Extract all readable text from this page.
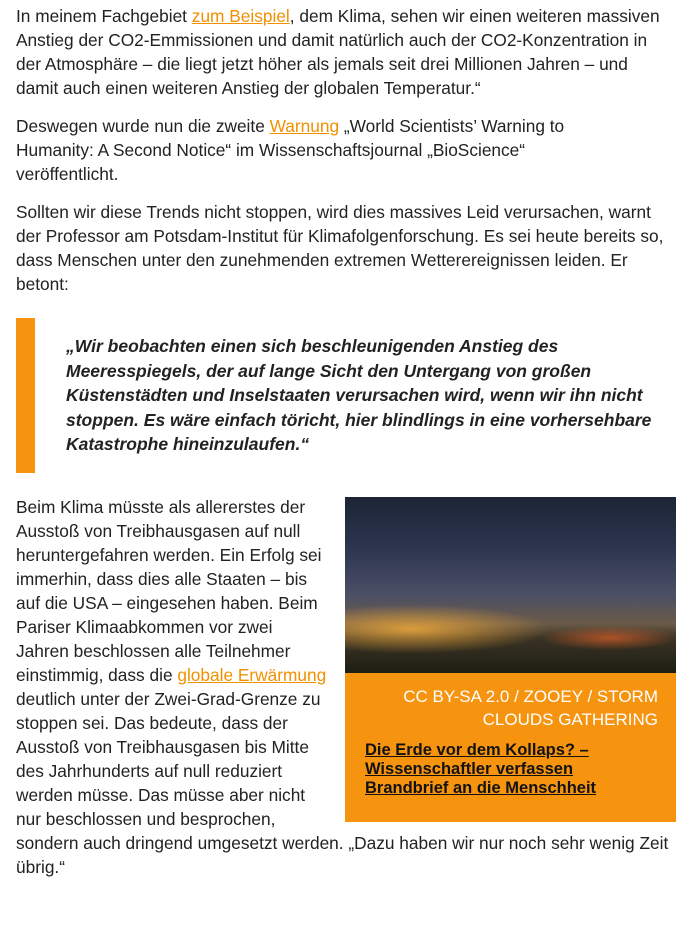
In meinem Fachgebiet zum Beispiel, dem Klima, sehen wir einen weiteren massiven Anstieg der CO2-Emmissionen und damit natürlich auch der CO2-Konzentration in der Atmosphäre – die liegt jetzt höher als jemals seit drei Millionen Jahren – und damit auch einen weiteren Anstieg der globalen Temperatur.“

Deswegen wurde nun die zweite Warnung „World Scientists’ Warning to Humanity: A Second Notice“ im Wissenschaftsjournal „BioScience“ veröffentlicht.

Sollten wir diese Trends nicht stoppen, wird dies massives Leid verursachen, warnt der Professor am Potsdam-Institut für Klimafolgenforschung. Es sei heute bereits so, dass Menschen unter den zunehmenden extremen Wetterereignissen leiden. Er betont:

„Wir beobachten einen sich beschleunigenden Anstieg des Meeresspiegels, der auf lange Sicht den Untergang von großen Küstenstädten und Inselstaaten verursachen wird, wenn wir ihn nicht stoppen. Es wäre einfach töricht, hier blindlings in eine vorhersehbare Katastrophe hineinzulaufen.“

CC BY-SA 2.0 / ZOOEY / STORM CLOUDS GATHERING
Die Erde vor dem Kollaps? – Wissenschaftler verfassen Brandbrief an die Menschheit

Beim Klima müsste als allererstes der Ausstoß von Treibhausgasen auf null heruntergefahren werden. Ein Erfolg sei immerhin, dass dies alle Staaten – bis auf die USA – eingesehen haben. Beim Pariser Klimaabkommen vor zwei Jahren beschlossen alle Teilnehmer einstimmig, dass die globale Erwärmung deutlich unter der Zwei-Grad-Grenze zu stoppen sei. Das bedeute, dass der Ausstoß von Treibhausgasen bis Mitte des Jahrhunderts auf null reduziert werden müsse. Das müsse aber nicht nur beschlossen und besprochen, sondern auch dringend umgesetzt werden. „Dazu haben wir nur noch sehr wenig Zeit übrig.“
